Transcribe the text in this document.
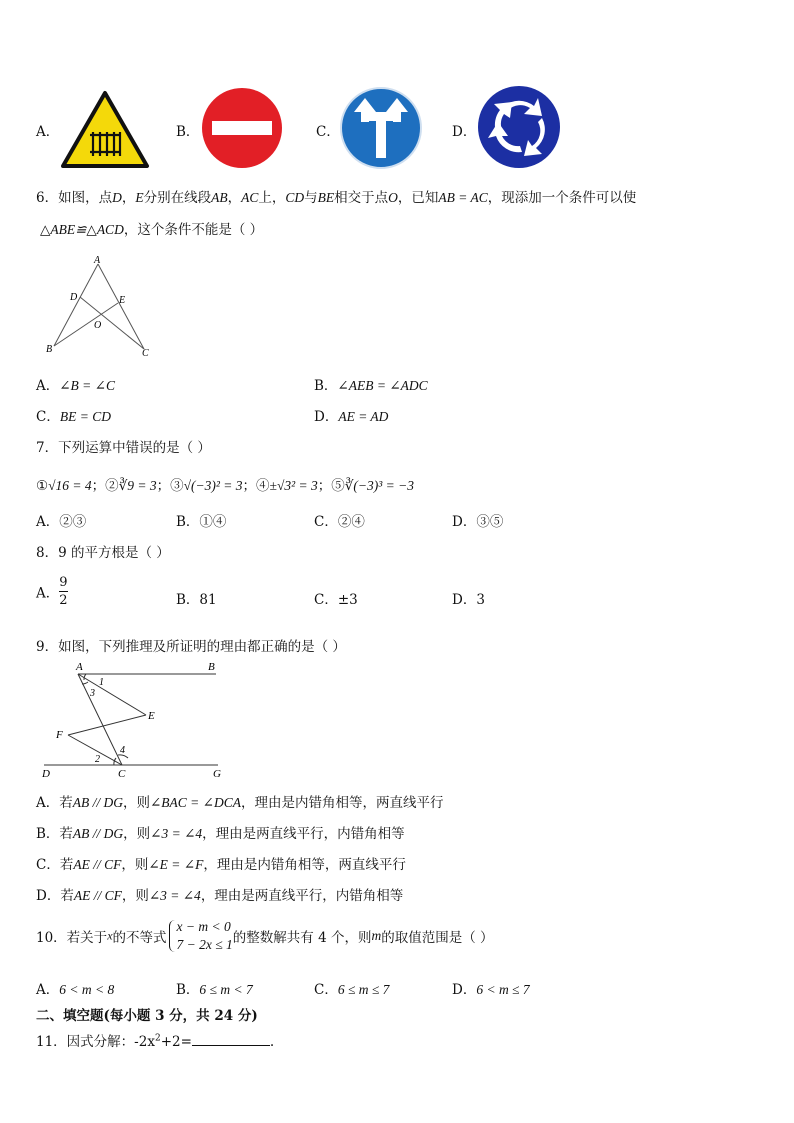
A．	B．	C．	D．
6．如图，点D，E分别在线段AB，AC上，CD与BE相交于点O，已知AB = AC，现添加一个条件可以使
△ABE≌△ACD，这个条件不能是（ ）
A
B	C
D	E
O
A．∠B = ∠C	B．∠AEB = ∠ADC
C．BE = CD	D．AE = AD
7．下列运算中错误的是（ ）
①√16 = 4；②∛9 = 3；③√(−3)² = 3；④±√3² = 3；⑤∛(−3)³ = −3
A．②③	B．①④	C．②④	D．③⑤
8．9 的平方根是（ ）
A． $\frac{9}{2}$	B．81	C．±3	D．3
9．如图，下列推理及所证明的理由都正确的是（ ）
A	B
E
F
D	C	G
1
3
4
2
A．若AB // DG，则∠BAC = ∠DCA，理由是内错角相等，两直线平行
B．若AB // DG，则∠3 = ∠4，理由是两直线平行，内错角相等
C．若AE // CF，则∠E = ∠F，理由是内错角相等，两直线平行
D．若AE // CF，则∠3 = ∠4，理由是两直线平行，内错角相等
10．若关于x的不等式
x − m < 0
7 − 2x ≤ 1 的整数解共有 4 个，则m的取值范围是（ ）
A．6 < m < 8	B．6 ≤ m < 7	C．6 ≤ m ≤ 7	D．6 < m ≤ 7
二、填空题(每小题 3 分，共 24 分)
11．因式分解：$-2x^2+2=$	.
